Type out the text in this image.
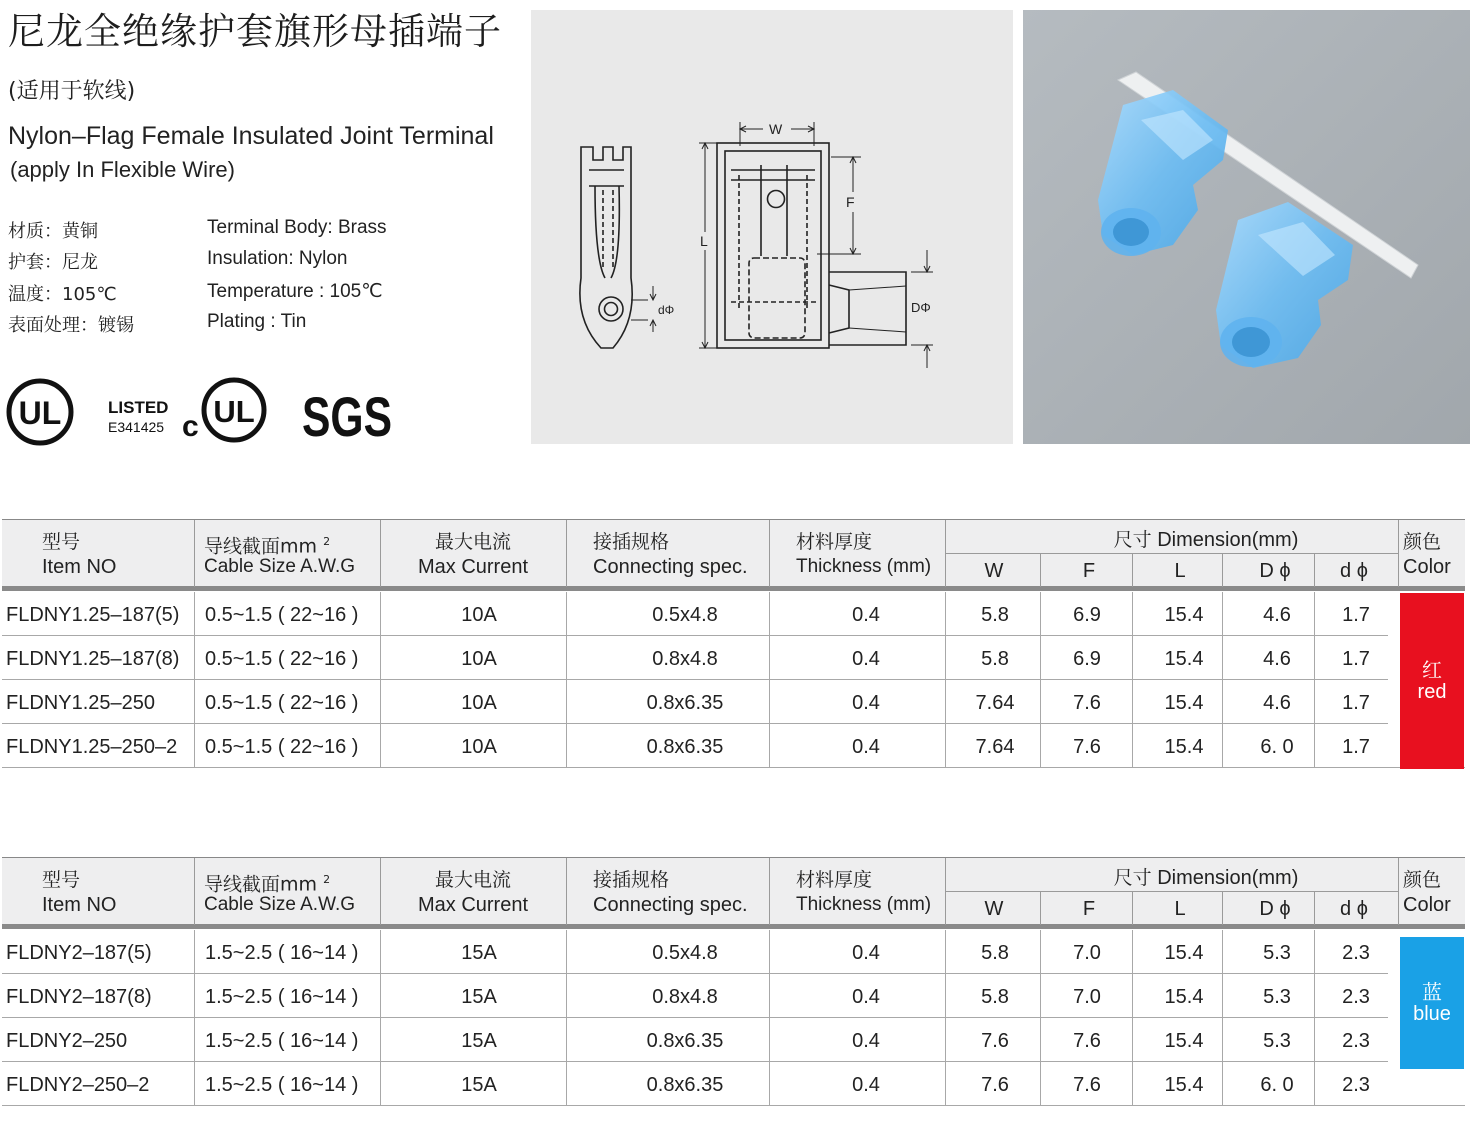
尼龙全绝缘护套旗形母插端子
(适用于软线)
Nylon–Flag Female Insulated Joint Terminal
(apply In Flexible Wire)
材质：黄铜	Terminal Body: Brass
护套：尼龙	Insulation: Nylon
温度：105℃	Temperature : 105℃
表面处理：镀锡	Plating : Tin
UL	LISTED
E341425 c UL SGS
W
F
L
dΦ	DΦ
型号
Item NO
导线截面mm $^2$
Cable Size A.W.G
最大电流
Max Current
接插规格
Connecting spec.
材料厚度
Thickness (mm)
尺寸 Dimension(mm)
W	F	L	D ϕ d ϕ
颜色
Color
FLDNY1.25–187(5) 0.5~1.5 ( 22~16 )	10A	0.5x4.8	0.4	5.8	6.9	15.4	4.6	1.7
FLDNY1.25–187(8) 0.5~1.5 ( 22~16 )	10A	0.8x4.8	0.4	5.8	6.9	15.4	4.6	1.7
FLDNY1.25–250	0.5~1.5 ( 22~16 )	10A	0.8x6.35	0.4	7.64	7.6	15.4	4.6	1.7
FLDNY1.25–250–2 0.5~1.5 ( 22~16 )	10A	0.8x6.35	0.4	7.64	7.6	15.4	6. 0 1.7
红
red
型号
Item NO
导线截面mm $^2$
Cable Size A.W.G
最大电流
Max Current
接插规格
Connecting spec.
材料厚度
Thickness (mm)
尺寸 Dimension(mm)
W	F	L	D ϕ d ϕ
颜色
Color
FLDNY2–187(5)	1.5~2.5 ( 16~14 )	15A	0.5x4.8	0.4	5.8	7.0	15.4	5.3	2.3
FLDNY2–187(8)	1.5~2.5 ( 16~14 )	15A	0.8x4.8	0.4	5.8	7.0	15.4	5.3	2.3
FLDNY2–250	1.5~2.5 ( 16~14 )	15A	0.8x6.35	0.4	7.6	7.6	15.4	5.3	2.3
FLDNY2–250–2	1.5~2.5 ( 16~14 )	15A	0.8x6.35	0.4	7.6	7.6	15.4	6. 0 2.3
蓝
blue
